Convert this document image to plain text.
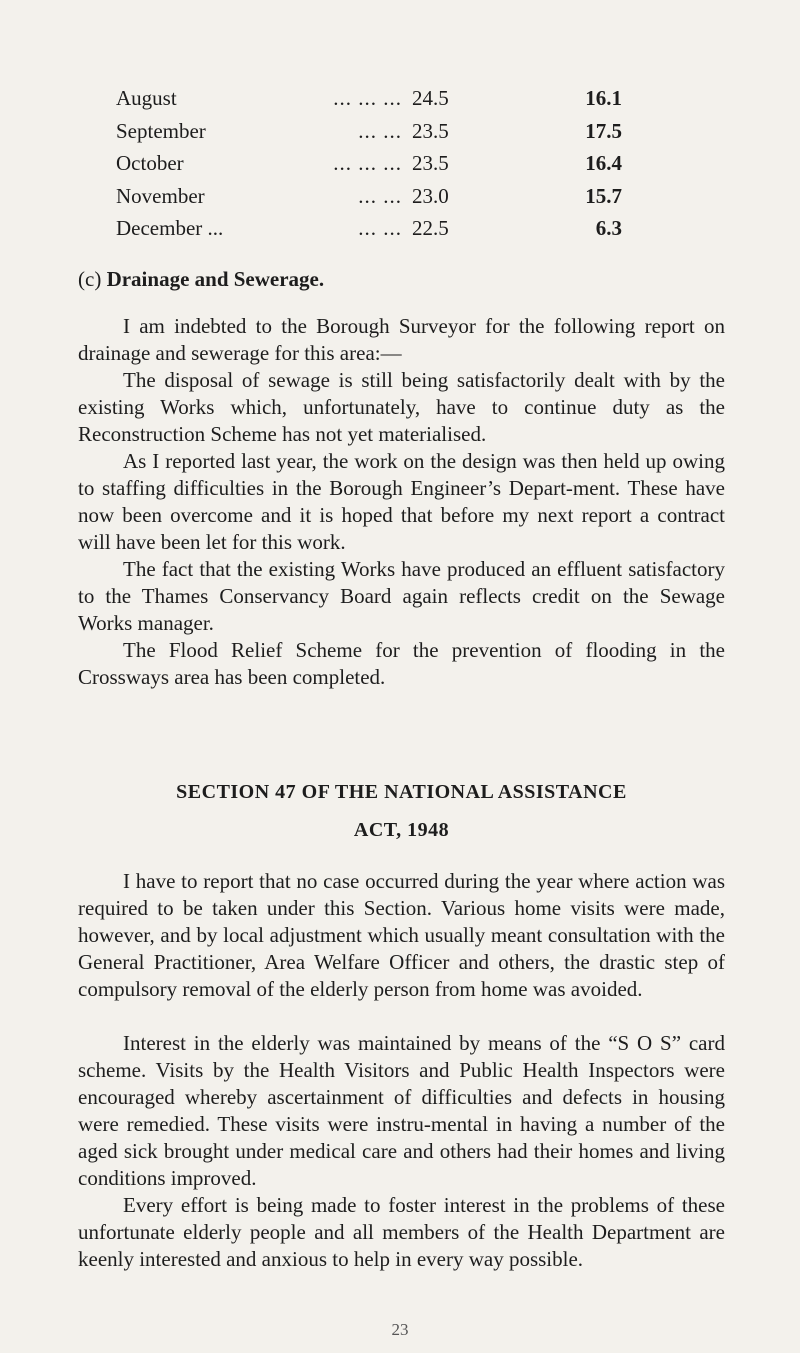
August	... ... ... 24.5	16.1
September	... ... 23.5	17.5
October	... ... ... 23.5	16.4
November	... ... 23.0	15.7
December ...	... ... 22.5	6.3
(c) Drainage and Sewerage.

I am indebted to the Borough Surveyor for the following report on drainage and sewerage for this area:—

The disposal of sewage is still being satisfactorily dealt with by the existing Works which, unfortunately, have to continue duty as the Reconstruction Scheme has not yet materialised.

As I reported last year, the work on the design was then held up owing to staffing difficulties in the Borough Engineer’s Depart-ment. These have now been overcome and it is hoped that before my next report a contract will have been let for this work.

The fact that the existing Works have produced an effluent satisfactory to the Thames Conservancy Board again reflects credit on the Sewage Works manager.

The Flood Relief Scheme for the prevention of flooding in the Crossways area has been completed.

SECTION 47 OF THE NATIONAL ASSISTANCE
ACT, 1948

I have to report that no case occurred during the year where action was required to be taken under this Section. Various home visits were made, however, and by local adjustment which usually meant consultation with the General Practitioner, Area Welfare Officer and others, the drastic step of compulsory removal of the elderly person from home was avoided.

Interest in the elderly was maintained by means of the “S O S” card scheme. Visits by the Health Visitors and Public Health Inspectors were encouraged whereby ascertainment of difficulties and defects in housing were remedied. These visits were instru-mental in having a number of the aged sick brought under medical care and others had their homes and living conditions improved.

Every effort is being made to foster interest in the problems of these unfortunate elderly people and all members of the Health Department are keenly interested and anxious to help in every way possible.

23
